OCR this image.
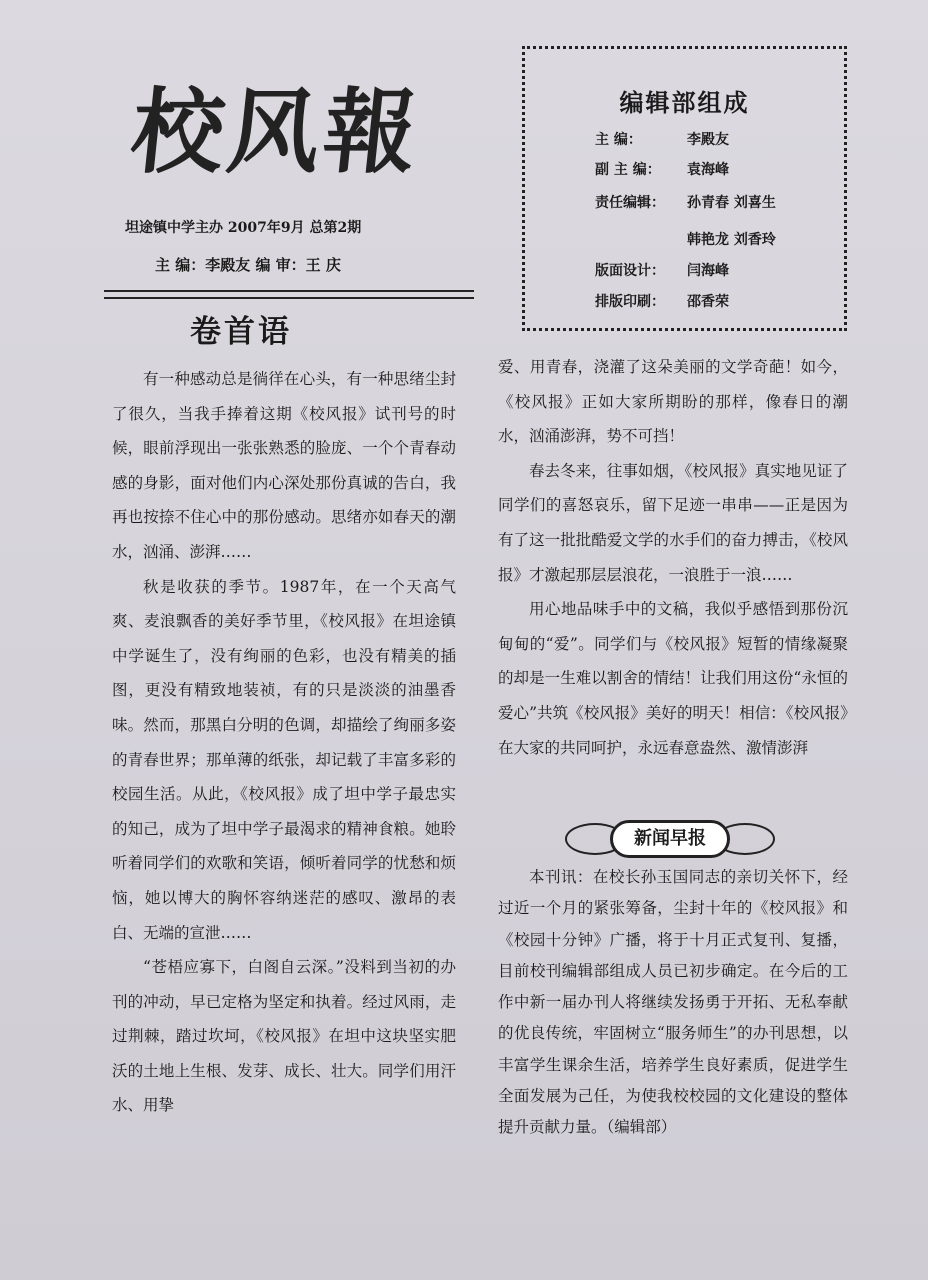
校风報
坦途镇中学主办 2007年9月 总第2期
主 编：李殿友 编 审：王 庆
卷首语

有一种感动总是徜徉在心头，有一种思绪尘封了很久，当我手捧着这期《校风报》试刊号的时候，眼前浮现出一张张熟悉的脸庞、一个个青春动感的身影，面对他们内心深处那份真诚的告白，我再也按捺不住心中的那份感动。思绪亦如春天的潮水，汹涌、澎湃……

秋是收获的季节。1987年，在一个天高气爽、麦浪飘香的美好季节里，《校风报》在坦途镇中学诞生了，没有绚丽的色彩，也没有精美的插图，更没有精致地装祯，有的只是淡淡的油墨香味。然而，那黑白分明的色调，却描绘了绚丽多姿的青春世界；那单薄的纸张，却记载了丰富多彩的校园生活。从此，《校风报》成了坦中学子最忠实的知己，成为了坦中学子最渴求的精神食粮。她聆听着同学们的欢歌和笑语，倾听着同学的忧愁和烦恼，她以博大的胸怀容纳迷茫的感叹、激昂的表白、无端的宣泄……

“苍梧应寡下，白阁自云深。”没料到当初的办刊的冲动，早已定格为坚定和执着。经过风雨，走过荆棘，踏过坎坷，《校风报》在坦中这块坚实肥沃的土地上生根、发芽、成长、壮大。同学们用汗水、用挚

编辑部组成
主 编：	李殿友
副 主 编： 袁海峰
责任编辑： 孙青春 刘喜生
韩艳龙 刘香玲
版面设计： 闫海峰
排版印刷： 邵香荣

爱、用青春，浇灌了这朵美丽的文学奇葩！如今，《校风报》正如大家所期盼的那样，像春日的潮水，汹涌澎湃，势不可挡！

春去冬来，往事如烟，《校风报》真实地见证了同学们的喜怒哀乐，留下足迹一串串——正是因为有了这一批批酷爱文学的水手们的奋力搏击，《校风报》才激起那层层浪花，一浪胜于一浪……

用心地品味手中的文稿，我似乎感悟到那份沉甸甸的“爱”。同学们与《校风报》短暂的情缘凝聚的却是一生难以割舍的情结！让我们用这份“永恒的爱心”共筑《校风报》美好的明天！相信：《校风报》在大家的共同呵护，永远春意盎然、激情澎湃

新闻早报

本刊讯：在校长孙玉国同志的亲切关怀下，经过近一个月的紧张筹备，尘封十年的《校风报》和《校园十分钟》广播，将于十月正式复刊、复播，目前校刊编辑部组成人员已初步确定。在今后的工作中新一届办刊人将继续发扬勇于开拓、无私奉献的优良传统，牢固树立“服务师生”的办刊思想，以丰富学生课余生活，培养学生良好素质，促进学生全面发展为己任，为使我校校园的文化建设的整体提升贡献力量。（编辑部）
